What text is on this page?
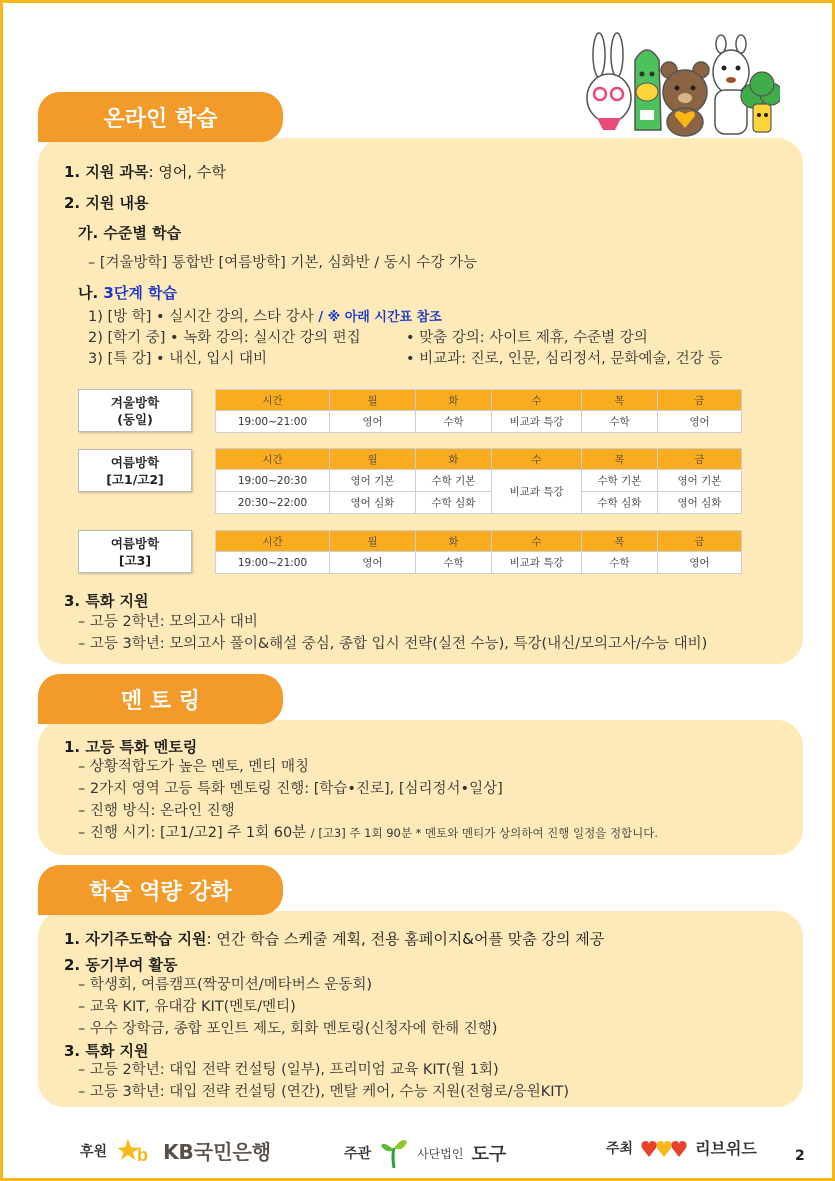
온라인 학습
1. 지원 과목: 영어, 수학
2. 지원 내용
가. 수준별 학습
– [겨울방학] 통합반 [여름방학] 기본, 심화반 / 동시 수강 가능
나. 3단계 학습
1) [방 학] • 실시간 강의, 스타 강사 / ※ 아래 시간표 참조
2) [학기 중] • 녹화 강의: 실시간 강의 편집	• 맞춤 강의: 사이트 제휴, 수준별 강의
3) [특 강] • 내신, 입시 대비	• 비교과: 진로, 인문, 심리정서, 문화예술, 건강 등
겨울방학
(동일)
시간	월	화	수	목	금
19:00~21:00	영어	수학	비교과 특강	수학	영어
여름방학
[고1/고2]
시간	월	화	수	목	금
19:00~20:30	영어 기본	수학 기본	비교과 특강	수학 기본	영어 기본
20:30~22:00	영어 심화	수학 심화		수학 심화	영어 심화
여름방학
[고3]
시간	월	화	수	목	금
19:00~21:00	영어	수학	비교과 특강	수학	영어
3. 특화 지원
– 고등 2학년: 모의고사 대비
– 고등 3학년: 모의고사 풀이&해설 중심, 종합 입시 전략(실전 수능), 특강(내신/모의고사/수능 대비)
멘 토 링
1. 고등 특화 멘토링
– 상황적합도가 높은 멘토, 멘티 매칭
– 2가지 영역 고등 특화 멘토링 진행: [학습•진로], [심리정서•일상]
– 진행 방식: 온라인 진행
– 진행 시기: [고1/고2] 주 1회 60분 / [고3] 주 1회 90분 * 멘토와 멘티가 상의하여 진행 일정을 정합니다.
학습 역량 강화
1. 자기주도학습 지원: 연간 학습 스케줄 계획, 전용 홈페이지&어플 맞춤 강의 제공
2. 동기부여 활동
– 학생회, 여름캠프(짝꿍미션/메타버스 운동회)
– 교육 KIT, 유대감 KIT(멘토/멘티)
– 우수 장학금, 종합 포인트 제도, 회화 멘토링(신청자에 한해 진행)
3. 특화 지원
– 고등 2학년: 대입 전략 컨설팅 (일부), 프리미엄 교육 KIT(월 1회)
– 고등 3학년: 대입 전략 컨설팅 (연간), 멘탈 케어, 수능 지원(전형로/응원KIT)
후원 b KB국민은행	주관	사단법인 도구	주최	리브위드	2
